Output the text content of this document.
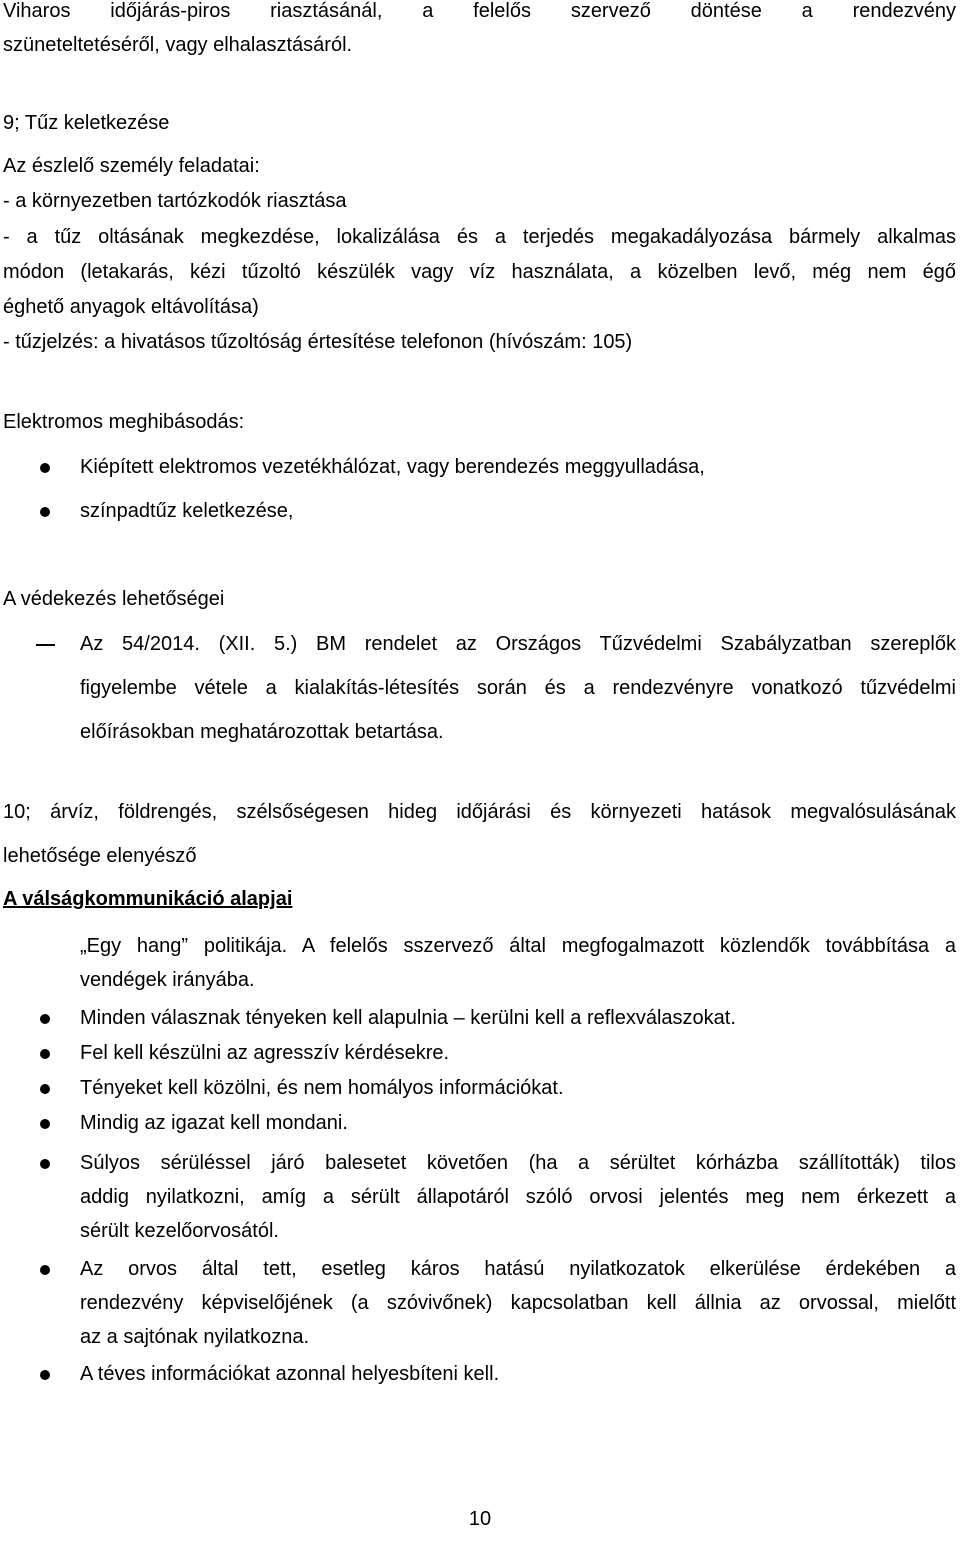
Viharos időjárás-piros riasztásánál, a felelős szervező döntése a rendezvény
szüneteltetéséről, vagy elhalasztásáról.
9; Tűz keletkezése
Az észlelő személy feladatai:
- a környezetben tartózkodók riasztása
- a tűz oltásának megkezdése, lokalizálása és a terjedés megakadályozása bármely alkalmas
módon (letakarás, kézi tűzoltó készülék vagy víz használata, a közelben levő, még nem égő
éghető anyagok eltávolítása)
- tűzjelzés: a hivatásos tűzoltóság értesítése telefonon (hívószám: 105)
Elektromos meghibásodás:
Kiépített elektromos vezetékhálózat, vagy berendezés meggyulladása,
színpadtűz keletkezése,
A védekezés lehetőségei
Az 54/2014. (XII. 5.) BM rendelet az Országos Tűzvédelmi Szabályzatban szereplők
figyelembe vétele a kialakítás-létesítés során és a rendezvényre vonatkozó tűzvédelmi
előírásokban meghatározottak betartása.
10; árvíz, földrengés, szélsőségesen hideg időjárási és környezeti hatások megvalósulásának
lehetősége elenyésző
A válságkommunikáció alapjai
„Egy hang” politikája. A felelős sszervező által megfogalmazott közlendők továbbítása a
vendégek irányába.
Minden válasznak tényeken kell alapulnia – kerülni kell a reflexválaszokat.
Fel kell készülni az agresszív kérdésekre.
Tényeket kell közölni, és nem homályos információkat.
Mindig az igazat kell mondani.
Súlyos sérüléssel járó balesetet követően (ha a sérültet kórházba szállították) tilos
addig nyilatkozni, amíg a sérült állapotáról szóló orvosi jelentés meg nem érkezett a
sérült kezelőorvosától.
Az orvos által tett, esetleg káros hatású nyilatkozatok elkerülése érdekében a
rendezvény képviselőjének (a szóvivőnek) kapcsolatban kell állnia az orvossal, mielőtt
az a sajtónak nyilatkozna.
A téves információkat azonnal helyesbíteni kell.
10
